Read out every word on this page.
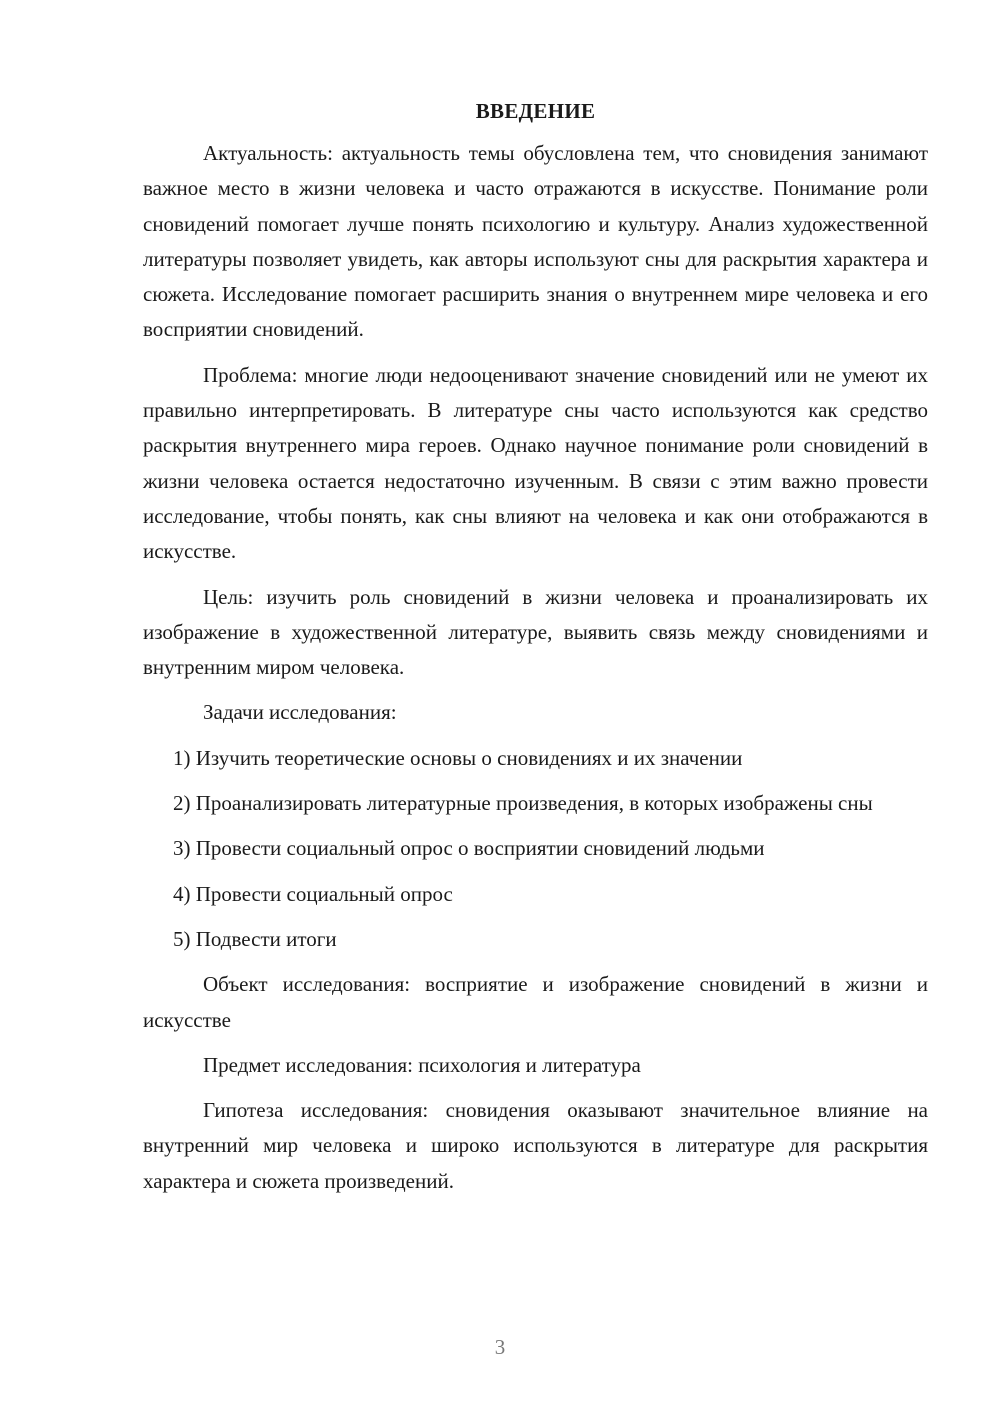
ВВЕДЕНИЕ

Актуальность: актуальность темы обусловлена тем, что сновидения занимают важное место в жизни человека и часто отражаются в искусстве. Понимание роли сновидений помогает лучше понять психологию и культуру. Анализ художественной литературы позволяет увидеть, как авторы используют сны для раскрытия характера и сюжета. Исследование помогает расширить знания о внутреннем мире человека и его восприятии сновидений.

Проблема: многие люди недооценивают значение сновидений или не умеют их правильно интерпретировать. В литературе сны часто используются как средство раскрытия внутреннего мира героев. Однако научное понимание роли сновидений в жизни человека остается недостаточно изученным. В связи с этим важно провести исследование, чтобы понять, как сны влияют на человека и как они отображаются в искусстве.

Цель: изучить роль сновидений в жизни человека и проанализировать их изображение в художественной литературе, выявить связь между сновидениями и внутренним миром человека.

Задачи исследования:

1) Изучить теоретические основы о сновидениях и их значении

2) Проанализировать литературные произведения, в которых изображены сны

3) Провести социальный опрос о восприятии сновидений людьми

4) Провести социальный опрос

5) Подвести итоги

Объект исследования: восприятие и изображение сновидений в жизни и искусстве

Предмет исследования: психология и литература

Гипотеза исследования: сновидения оказывают значительное влияние на внутренний мир человека и широко используются в литературе для раскрытия характера и сюжета произведений.

3
